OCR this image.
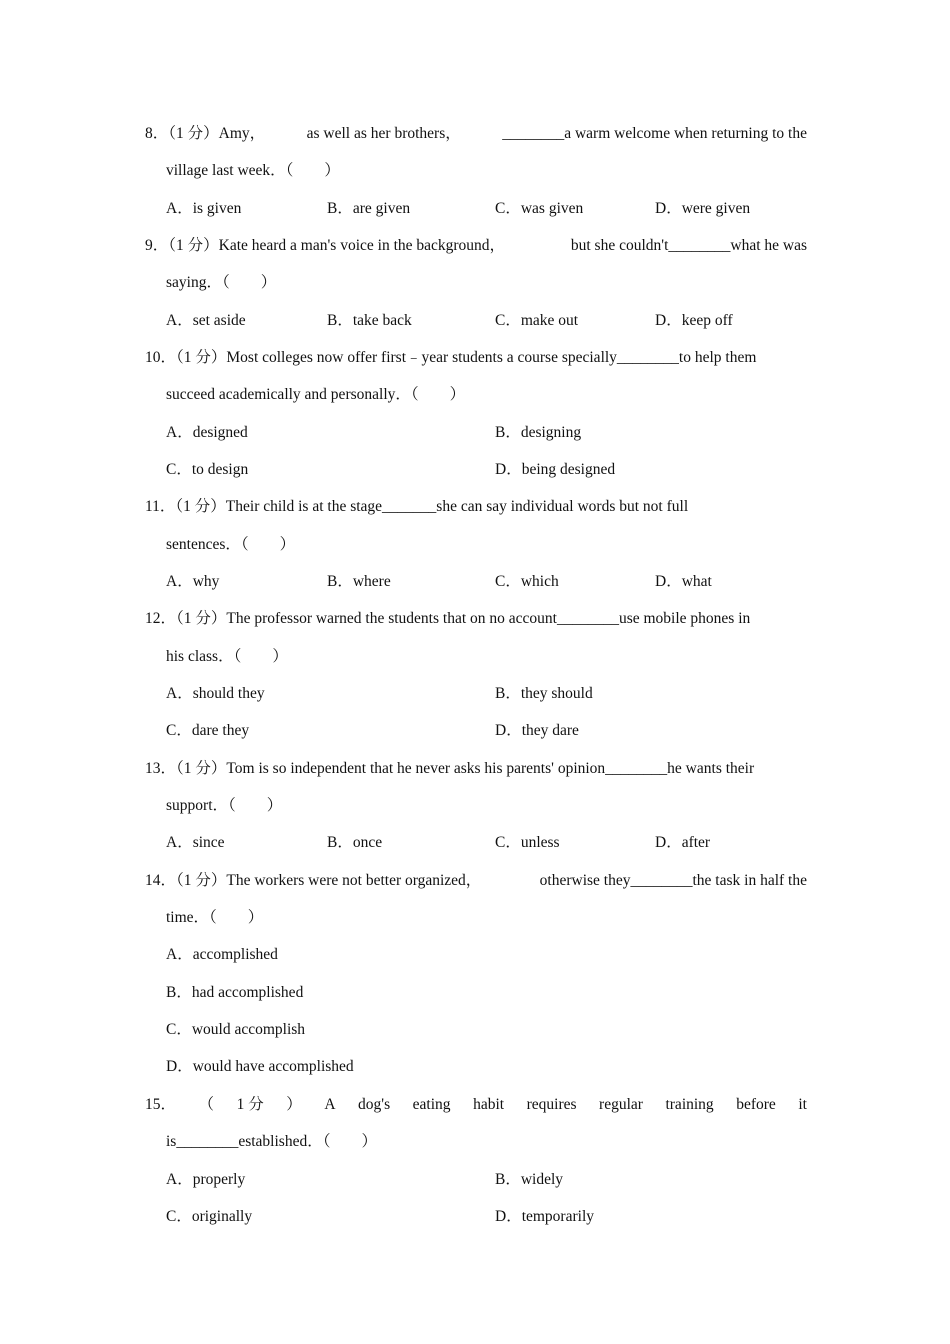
8．（1 分）Amy，	as well as her brothers，	________a warm welcome when returning to the
village last week．（　　）
A．is given	B．are given	C．was given	D．were given
9．（1 分）Kate heard a man's voice in the background，	but she couldn't________what he was
saying．（　　）
A．set aside	B．take back	C．make out	D．keep off
10．（1 分）Most colleges now offer first﹣year students a course specially________to help them
succeed academically and personally．（　　）
A．designed	B．designing
C．to design	D．being designed
11．（1 分）Their child is at the stage_______she can say individual words but not full
sentences．（　　）
A．why	B．where	C．which	D．what
12．（1 分）The professor warned the students that on no account________use mobile phones in
his class．（　　）
A．should they	B．they should
C．dare they	D．they dare
13．（1 分）Tom is so independent that he never asks his parents' opinion________he wants their
support．（　　）
A．since	B．once	C．unless	D．after
14．（1 分）The workers were not better organized，	otherwise they________the task in half the
time．（　　）
A．accomplished
B．had accomplished
C．would accomplish
D．would have accomplished
15． （ 1 分 ） A dog's eating habit requires regular training before it
is________established．（　　）
A．properly	B．widely
C．originally	D．temporarily
